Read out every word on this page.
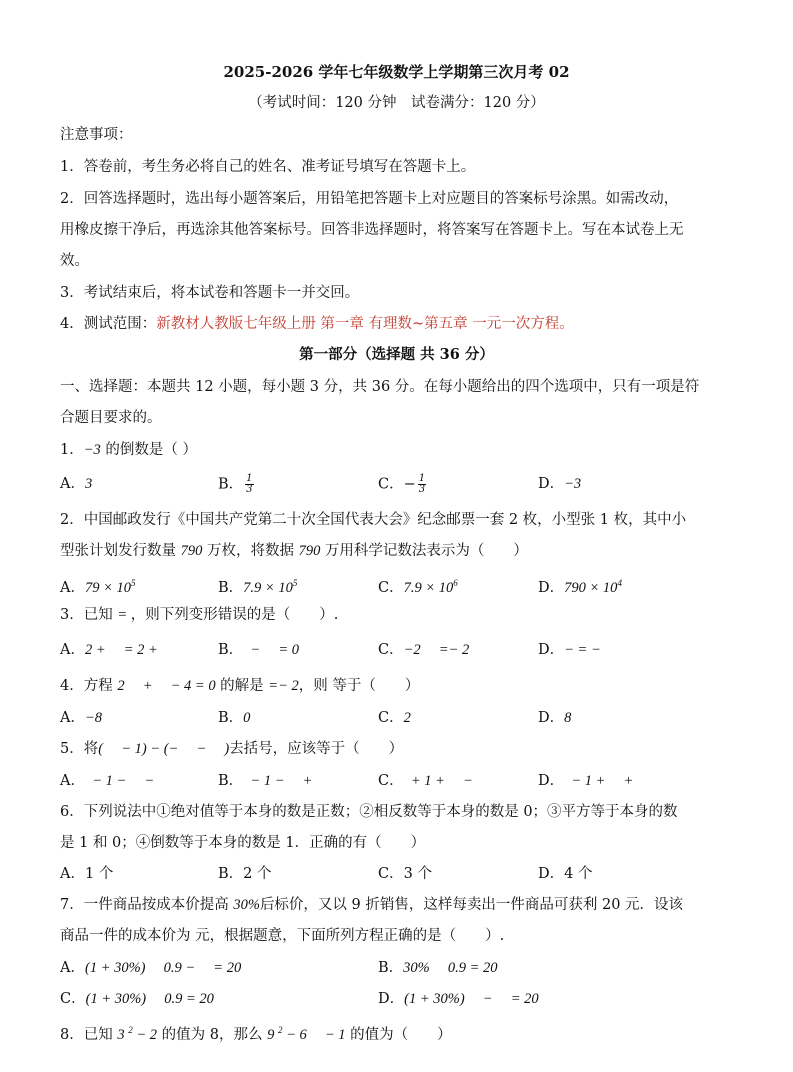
2025-2026 学年七年级数学上学期第三次月考 02
（考试时间：120 分钟　试卷满分：120 分）
注意事项：
1．答卷前，考生务必将自己的姓名、准考证号填写在答题卡上。
2．回答选择题时，选出每小题答案后，用铅笔把答题卡上对应题目的答案标号涂黑。如需改动，
用橡皮擦干净后，再选涂其他答案标号。回答非选择题时，将答案写在答题卡上。写在本试卷上无
效。
3．考试结束后，将本试卷和答题卡一并交回。
4．测试范围：新教材人教版七年级上册 第一章 有理数~第五章 一元一次方程。
第一部分（选择题 共 36 分）
一、选择题：本题共 12 小题，每小题 3 分，共 36 分。在每小题给出的四个选项中，只有一项是符
合题目要求的。
1．−3 的倒数是（ ）
A．3	B． $\frac{1}{3}$	C．− $\frac{1}{3}$	D．−3
2．中国邮政发行《中国共产党第二十次全国代表大会》纪念邮票一套 2 枚，小型张 1 枚，其中小
型张计划发行数量 790 万枚，将数据 790 万用科学记数法表示为（　　）
A．$79 \times 10^5$	B．$7.9 \times 10^5$	C．$7.9 \times 10^6$	D．$790 \times 10^4$
3．已知 = ，则下列变形错误的是（　　）.
A．2 + 　= 2 +	B．　− 　= 0	C．−2 　=− 2	D．− = −
4．方程 2 　+ 　− 4 = 0 的解是 =− 2，则 等于（　　）
A．−8	B．0	C．2	D．8
5．将( 　− 1) − (− 　− 　)去括号，应该等于（　　）
A．　− 1 − 　−	B．　− 1 − 　+	C．　+ 1 + 　−	D．　− 1 + 　+
6．下列说法中①绝对值等于本身的数是正数；②相反数等于本身的数是 0；③平方等于本身的数
是 1 和 0；④倒数等于本身的数是 1．正确的有（　　）
A．1 个	B．2 个	C．3 个	D．4 个
7．一件商品按成本价提高 30%后标价，又以 9 折销售，这样每卖出一件商品可获利 20 元．设该
商品一件的成本价为 元，根据题意，下面所列方程正确的是（　　）.
A．(1 + 30%)　 0.9 − 　= 20	B．30% 　0.9 = 20
C．(1 + 30%)　 0.9 = 20	D．(1 + 30%) 　− 　= 20
8．已知 3 $^2$ − 2 的值为 8，那么 9 $^2$ − 6 　− 1 的值为（　　）
